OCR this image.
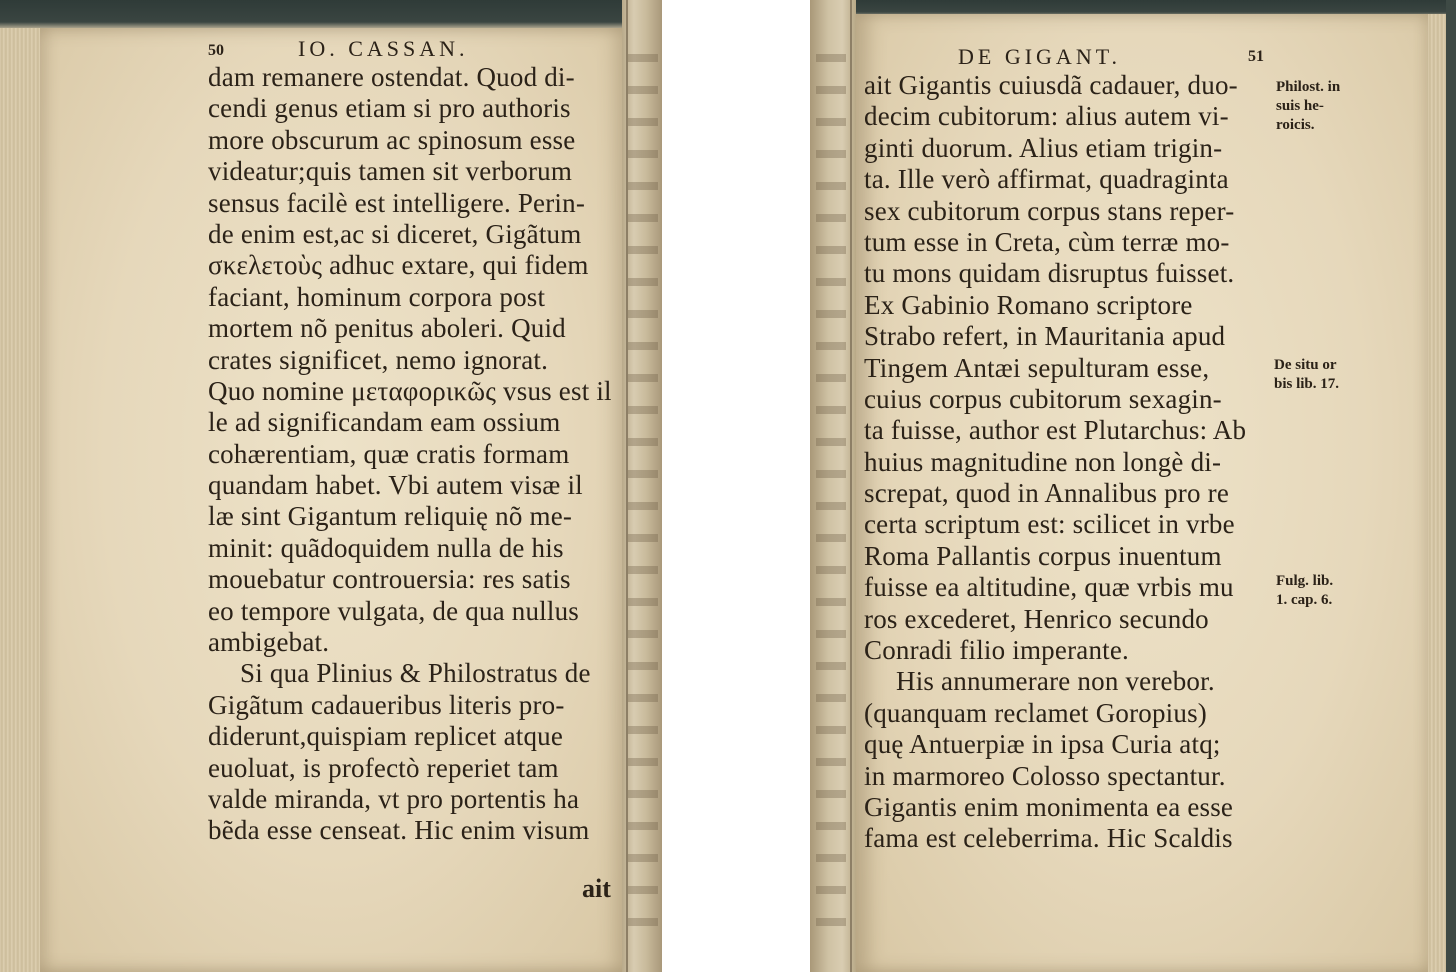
50	IO. CASSAN.
dam remanere ostendat. Quod di-
cendi genus etiam si pro authoris
more obscurum ac spinosum esse
videatur;quis tamen sit verborum
sensus facilè est intelligere. Perin-
de enim est,ac si diceret, Gigãtum
σκελετοὺς adhuc extare, qui fidem
faciant, hominum corpora post
mortem nõ penitus aboleri. Quid
crates significet, nemo ignorat.
Quo nomine μεταφορικῶς vsus est il
le ad significandam eam ossium
cohærentiam, quæ cratis formam
quandam habet. Vbi autem visæ il
læ sint Gigantum reliquię nõ me-
minit: quãdoquidem nulla de his
mouebatur controuersia: res satis
eo tempore vulgata, de qua nullus
ambigebat.
Si qua Plinius & Philostratus de
Gigãtum cadaueribus literis pro-
diderunt,quispiam replicet atque
euoluat, is profectò reperiet tam
valde miranda, vt pro portentis ha
bẽda esse censeat. Hic enim visum
ait
DE GIGANT.	51
ait Gigantis cuiusdã cadauer, duo-
decim cubitorum: alius autem vi-
ginti duorum. Alius etiam trigin-
ta. Ille verò affirmat, quadraginta
sex cubitorum corpus stans reper-
tum esse in Creta, cùm terræ mo-
tu mons quidam disruptus fuisset.
Ex Gabinio Romano scriptore
Strabo refert, in Mauritania apud
Tingem Antæi sepulturam esse,
cuius corpus cubitorum sexagin-
ta fuisse, author est Plutarchus: Ab
huius magnitudine non longè di-
screpat, quod in Annalibus pro re
certa scriptum est: scilicet in vrbe
Roma Pallantis corpus inuentum
fuisse ea altitudine, quæ vrbis mu
ros excederet, Henrico secundo
Conradi filio imperante.
His annumerare non verebor.
(quanquam reclamet Goropius)
quę Antuerpiæ in ipsa Curia atq;
in marmoreo Colosso spectantur.
Gigantis enim monimenta ea esse
fama est celeberrima. Hic Scaldis
Philost. in
suis he-
roicis.
De situ or
bis lib. 17.
Fulg. lib.
1. cap. 6.
